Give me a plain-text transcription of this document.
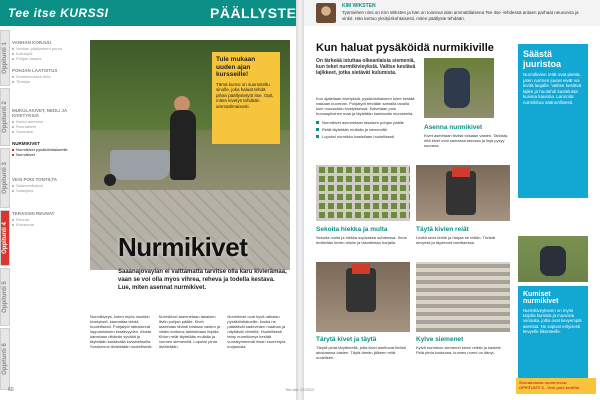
Tee itse KURSSI	PÄÄLLYSTE	KIM WIKSTEN
Työmiehen nimi on Kim Wiksten ja hän on toiminut alan ammattilaisena Tee itse -lehdessä antaen parhaat neuvonsa ja vinkit. Hän kertoo yksityiskohtaisesti, miten päällyste tehdään.
Oppitunti 1
Oppitunti 2
Oppitunti 3
Oppitunti 4
Oppitunti 5
Oppitunti 6
VANHAN KORJUU
Vanhan päällysteen purku
Kaivutyöt
Pohjan tasaus
POHJAN LAATOITUS
Sorakerroksen teko
Tiivistys
MUKULAKIVET, NEDLI JA KIVETYKSIÄ
Kivien asennus
Reunakivet
Saumaus
NURMIKIVET
Nurmikivet pysäköintialueelle
Nurmikivet
VESI POIS TONTILTA
Sadevesikaivot
Salaojitus
TERASSIN REUNAT
Reunat
Kivireunat
Tule mukaan uuden ajan kursseille!

Tämä kurssi on suunniteltu sinulle, joka haluat tehdä pihan päällystetyöt itse. Opit, miten kivetys tehdään ammattimaisesti.

Nurmikivet
Saaanajovaylan ei valttamatta tarvitse olla karu kivierämaa, vaan se voi olla myos vihrea, reheva ja todella kestava. Lue, miten asennat nurmikivet.
Nurmikiveys, kuten myös muutkin kivetykset, kannattaa tehdä huolellisesti. Pohjatyöt ratkaisevat lopputuloksen kestävyyden. Alusta kaivetaan riittävän syvältä ja täytetään kantavalla kiviaineksella. Sorakerros tiivistetään huolellisesti.
Nurmikivet asennetaan tasaisen tiiviin pohjan päälle. Kivet asetetaan tiiviisti toisiaan vasten ja niiden korkeus tarkistetaan linjalla. Kivien reiät täytetään mullalla ja nurmen siemenillä. Lopuksi pinta tiivistetään.
Nurmikivet ovat hyvä ratkaisu pysäköintialueille, koska ne päästävät sadeveden maahan ja näyttävät vihreiltä. Huolellisesti tehty nurmikiveys kestää vuosikymmeniä ilman suurempia korjauksia.
60	Tee itse 12/2012
Kun haluat pysäköidä nurmikiville
On tärkeää istuttaa oikeanlaisia siemeniä, kun teket nurmikivieyksiä. Valitse kestävä lajikkeet, jotka sietävät kulumista.
Kun ajatellaan kivetyksiä, pysäköintialueen tulee kestää raskaan kuorman. Pohjatyöt tehdään samalla tavalla kuin muussakin kivetyksessä. Kaivetaan pois humuspitoinen maa ja täytetään kantavalla murskeella.
Nurmikivet asennetaan tasaisen pohjan päälle
Reiät täytetään mullalla ja siemenillä
Lopuksi nurmikko kastellaan huolellisesti
Asenna nurmikivet
Kivet asetetaan tiiviisti toisiaan vasten. Tarkista, että kivet ovat samassa tasossa ja linja pysyy suorana.
Säästä juuristoa

Nurmikivien reiät ovat pieniä, joten nurmen juuret eivät voi levitä laajalle. Valitse kestävä lajike ja huolehdi kastelusta kuivina kausina. Lannoita nurmikkoa säännöllisesti.

Sekoita hiekka ja multa
Sekoita multa ja hiekka sopivassa suhteessa. Seos levitetään kivien reikiin ja tasoitetaan harjalla.
Täytä kivien reiät
Levitä seos kiville ja harjaa se reikiin. Tiivistä kevyesti ja täydennä tarvittaessa.
Tärytä kivet ja täytä
Tärytä pinta täryttimellä, jotta kivet asettuvat tiiviisti alustaansa vasten. Täytä tämän jälkeen reiät uudelleen.
Kylve siemenet
Kylvä nurmikon siemenet kiven reikiin ja kastele. Pidä pinta kosteana, kunnes nurmi on itänyt.
Kumiset nurmikivet

Nurmikiveykseen on myös tarjolla kumisia ja muovisia versioita, jotka ovat kevyempiä asentaa. Ne sopivat erityisesti kevyelle liikenteelle.

Seuraavassa numerossa:
OPPITUNTI 5 - Vesi pois tontilta
